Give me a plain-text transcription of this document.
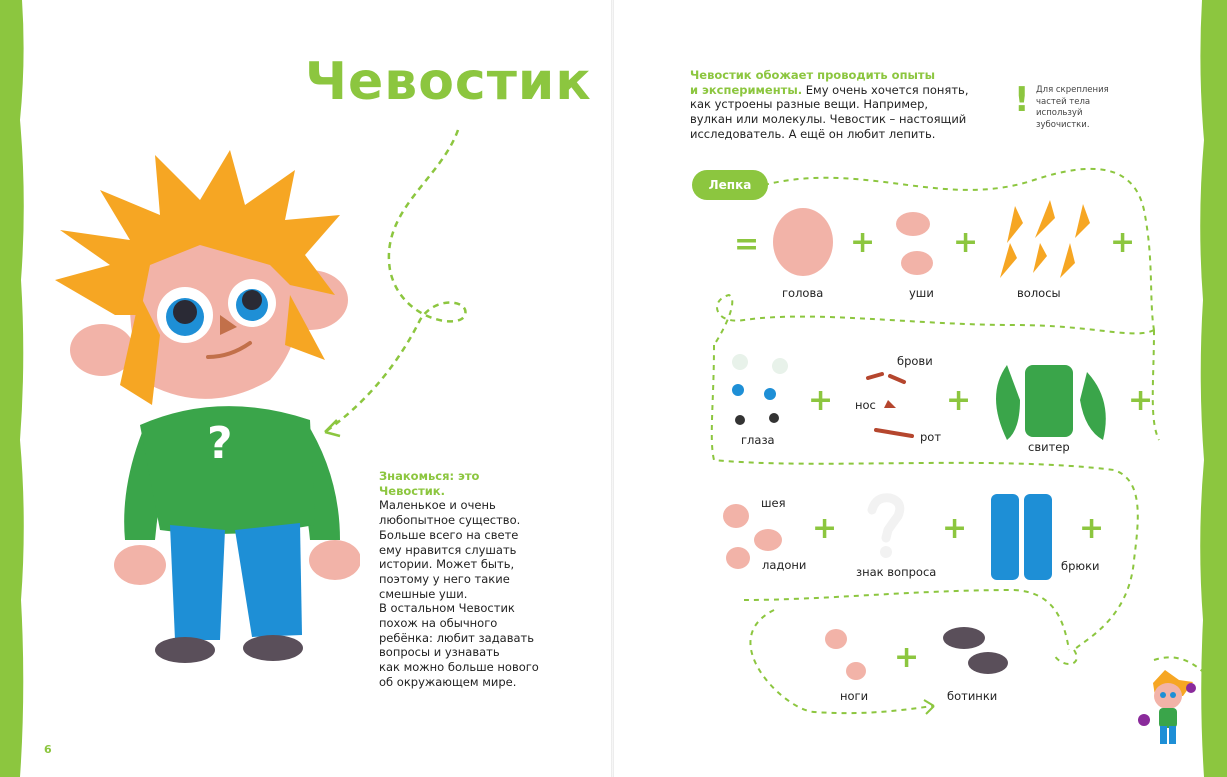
Чевостик
?
Знакомься: это Чевостик.
Маленькое и очень
любопытное существо.
Больше всего на свете
ему нравится слушать
истории. Может быть,
поэтому у него такие
смешные уши.
В остальном Чевостик
похож на обычного
ребёнка: любит задавать
вопросы и узнавать
как можно больше нового
об окружающем мире.
6
Чевостик обожает проводить опыты
и эксперименты. Ему очень хочется понять,
как устроены разные вещи. Например,
вулкан или молекулы. Чевостик – настоящий
исследователь. А ещё он любит лепить.
! Для скрепления
частей тела
используй
зубочистки.
Лепка
=
голова
+
уши
+
волосы
+
глаза
+
брови
нос
рот
+
свитер
+
шея
ладони
+
знак вопроса
+
брюки
+
ноги
+
ботинки
